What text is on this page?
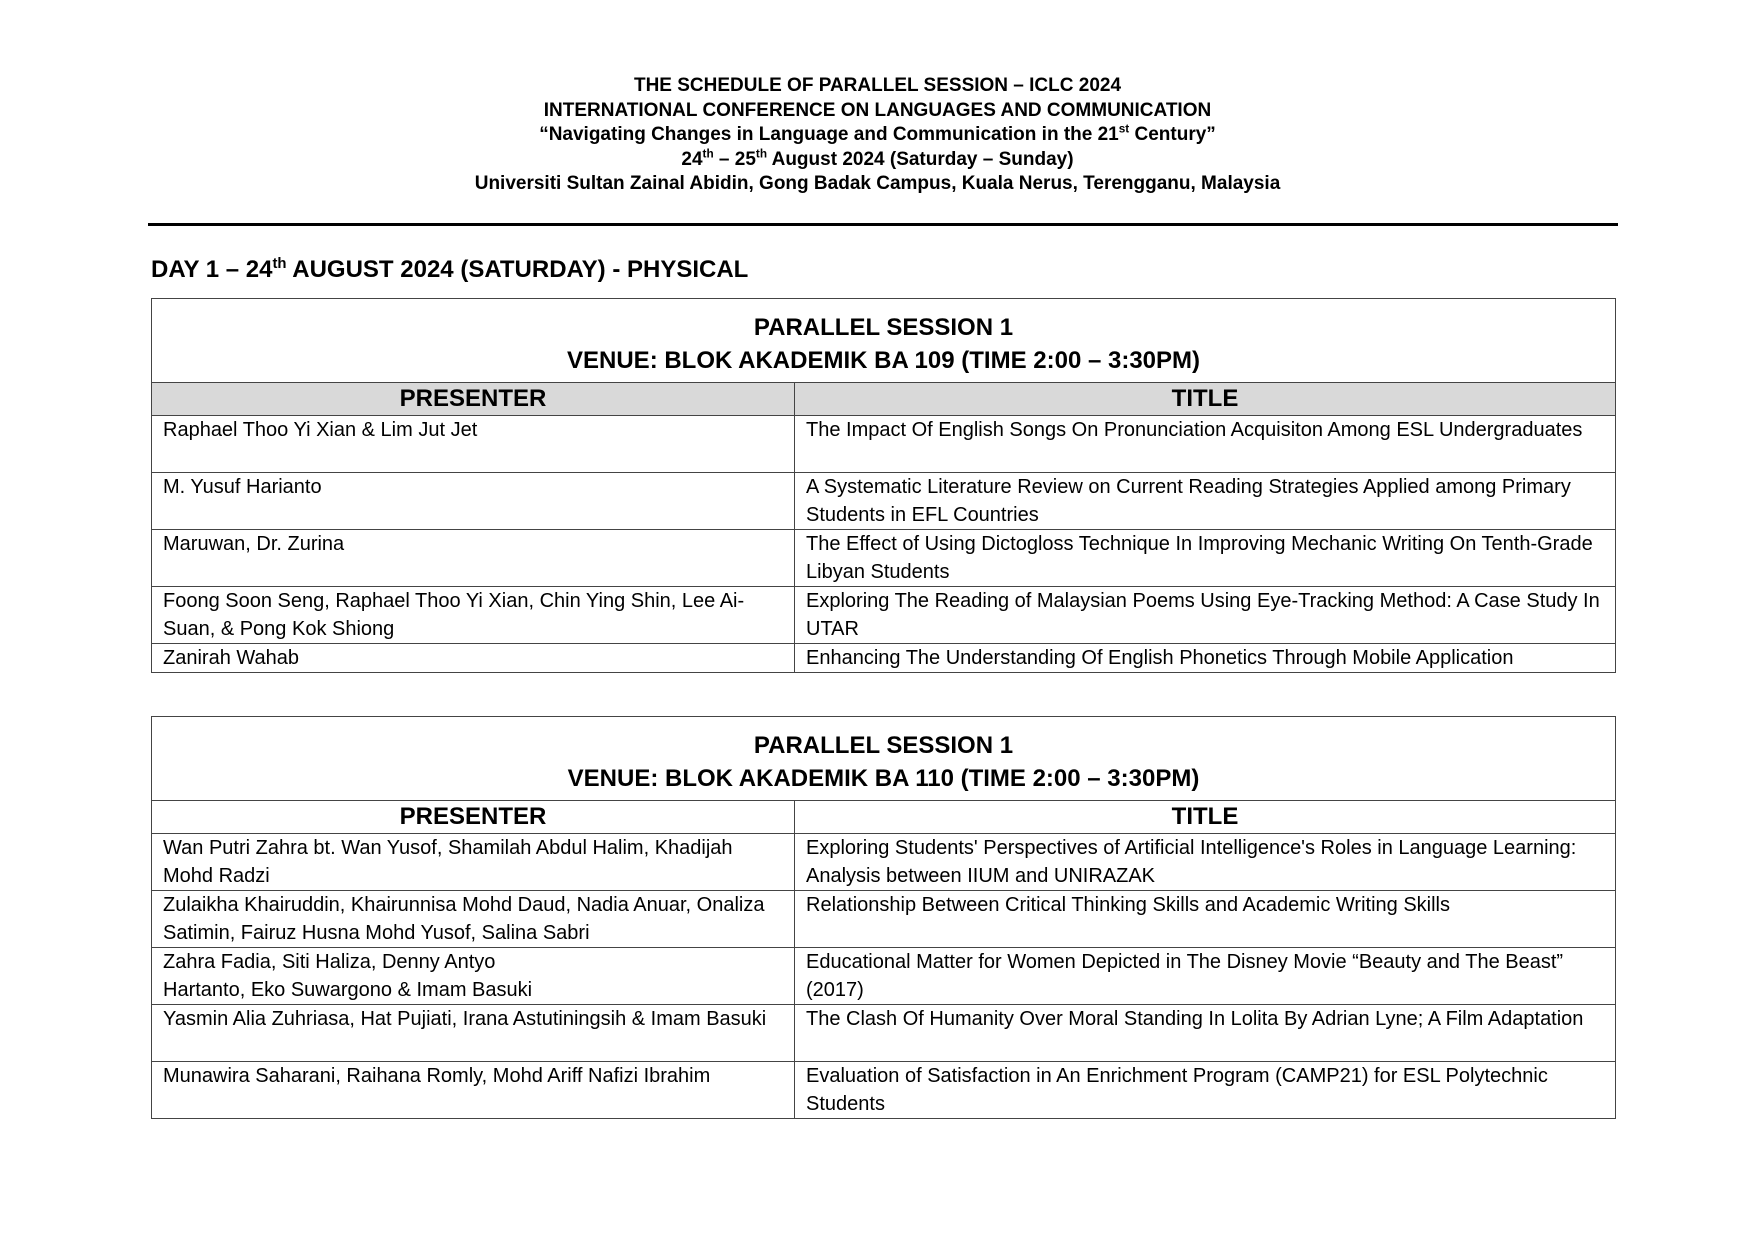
THE SCHEDULE OF PARALLEL SESSION – ICLC 2024
INTERNATIONAL CONFERENCE ON LANGUAGES AND COMMUNICATION
“Navigating Changes in Language and Communication in the 21st Century”
24th – 25th August 2024 (Saturday – Sunday)
Universiti Sultan Zainal Abidin, Gong Badak Campus, Kuala Nerus, Terengganu, Malaysia
DAY 1 – 24th AUGUST 2024 (SATURDAY) - PHYSICAL
PARALLEL SESSION 1
VENUE: BLOK AKADEMIK BA 109 (TIME 2:00 – 3:30PM)	

PRESENTER	TITLE
Raphael Thoo Yi Xian & Lim Jut Jet	The Impact Of English Songs On Pronunciation Acquisiton Among ESL Undergraduates
M. Yusuf Harianto	A Systematic Literature Review on Current Reading Strategies Applied among Primary Students in EFL Countries
Maruwan, Dr. Zurina	The Effect of Using Dictogloss Technique In Improving Mechanic Writing On Tenth-Grade Libyan Students
Foong Soon Seng, Raphael Thoo Yi Xian, Chin Ying Shin, Lee Ai-Suan, & Pong Kok Shiong	Exploring The Reading of Malaysian Poems Using Eye-Tracking Method: A Case Study In UTAR
Zanirah Wahab	Enhancing The Understanding Of English Phonetics Through Mobile Application
PARALLEL SESSION 1
VENUE: BLOK AKADEMIK BA 110 (TIME 2:00 – 3:30PM)	

PRESENTER	TITLE
Wan Putri Zahra bt. Wan Yusof, Shamilah Abdul Halim, Khadijah Mohd Radzi	Exploring Students' Perspectives of Artificial Intelligence's Roles in Language Learning: Analysis between IIUM and UNIRAZAK
Zulaikha Khairuddin, Khairunnisa Mohd Daud, Nadia Anuar, Onaliza Satimin, Fairuz Husna Mohd Yusof, Salina Sabri	Relationship Between Critical Thinking Skills and Academic Writing Skills
Zahra Fadia, Siti Haliza, Denny Antyo
Hartanto, Eko Suwargono & Imam Basuki	Educational Matter for Women Depicted in The Disney Movie “Beauty and The Beast” (2017)
Yasmin Alia Zuhriasa, Hat Pujiati, Irana Astutiningsih & Imam Basuki	The Clash Of Humanity Over Moral Standing In Lolita By Adrian Lyne; A Film Adaptation
Munawira Saharani, Raihana Romly, Mohd Ariff Nafizi Ibrahim	Evaluation of Satisfaction in An Enrichment Program (CAMP21) for ESL Polytechnic Students
